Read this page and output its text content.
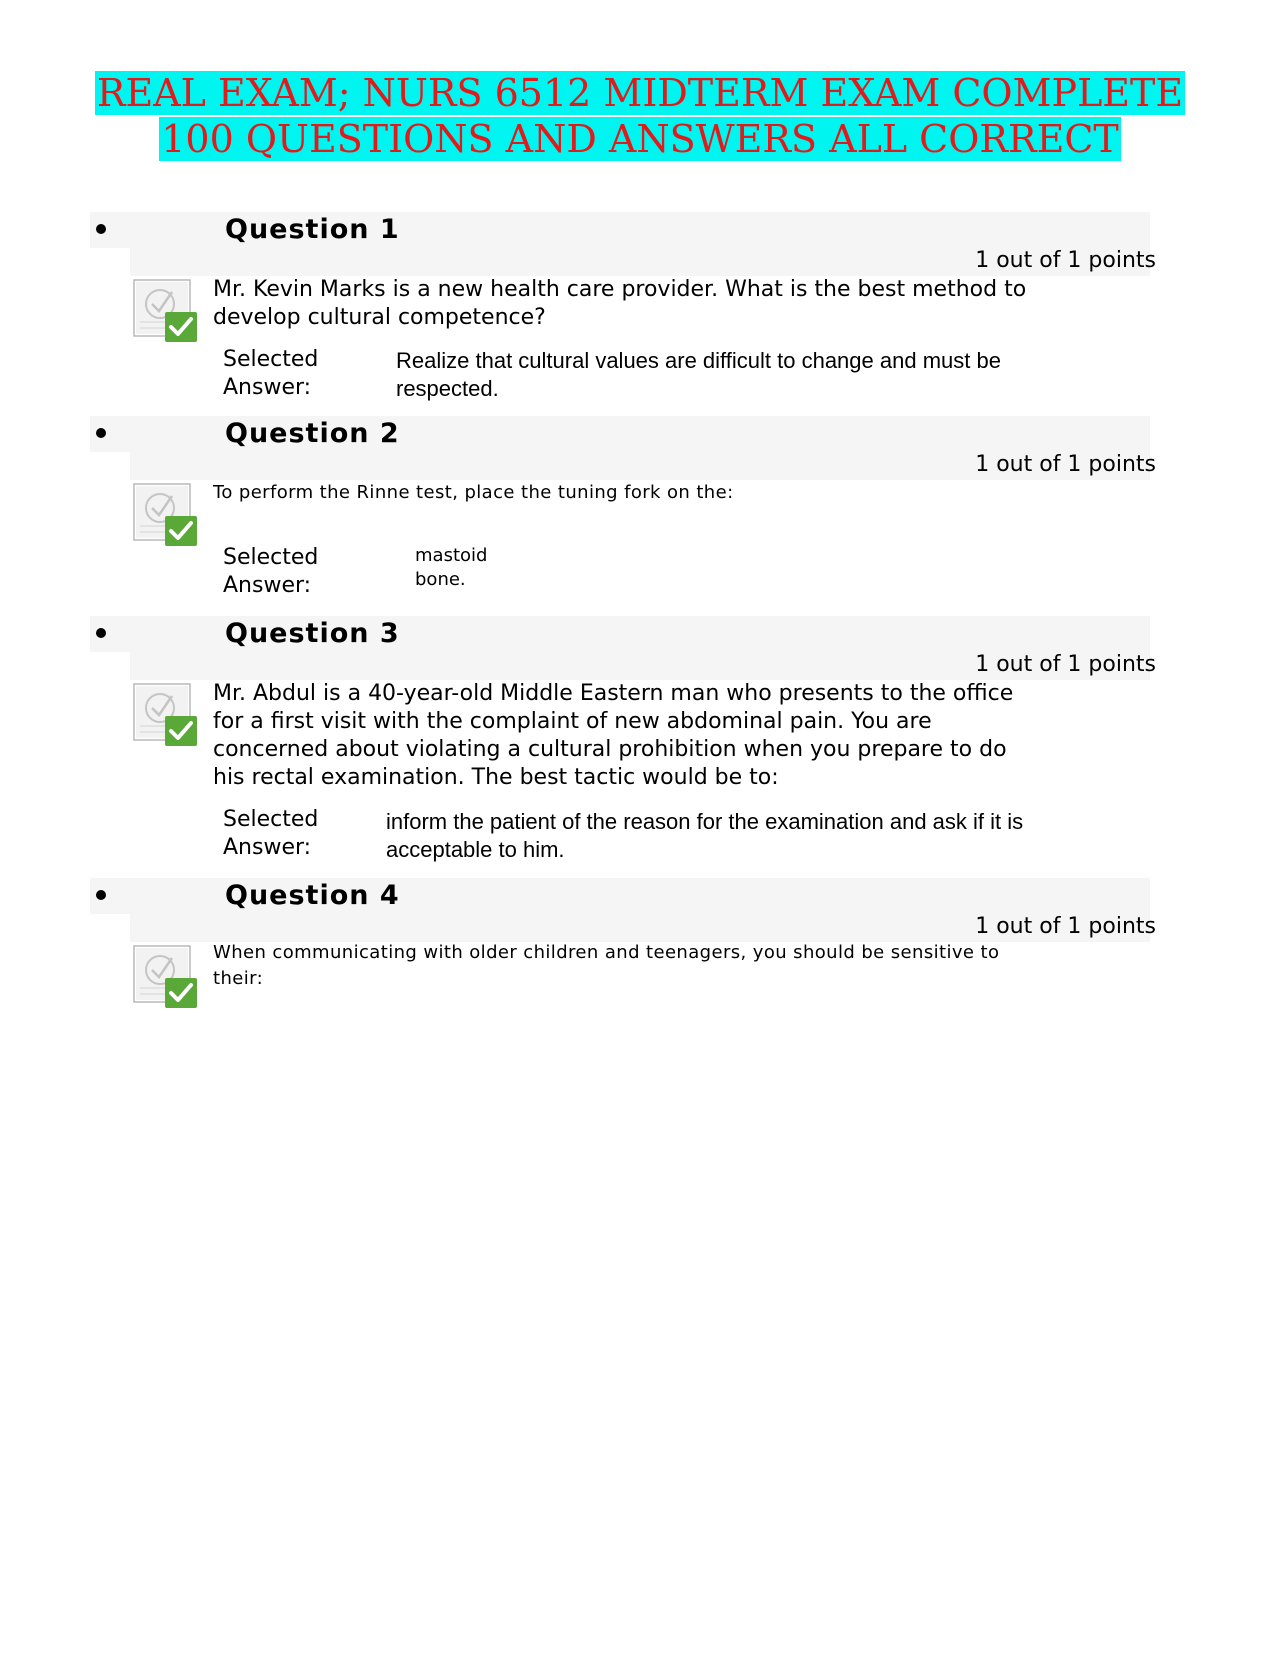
REAL EXAM; NURS 6512 MIDTERM EXAM COMPLETE
100 QUESTIONS AND ANSWERS ALL CORRECT
Question 1
1 out of 1 points
Mr. Kevin Marks is a new health care provider. What is the best method to develop cultural competence?
Selected Answer:
Realize that cultural values are difficult to change and must be respected.
Question 2
1 out of 1 points
To perform the Rinne test, place the tuning fork on the:
Selected Answer:
mastoid bone.
Question 3
1 out of 1 points
Mr. Abdul is a 40-year-old Middle Eastern man who presents to the office for a first visit with the complaint of new abdominal pain. You are concerned about violating a cultural prohibition when you prepare to do his rectal examination. The best tactic would be to:
Selected Answer:
inform the patient of the reason for the examination and ask if it is acceptable to him.
Question 4
1 out of 1 points
When communicating with older children and teenagers, you should be sensitive to their:
